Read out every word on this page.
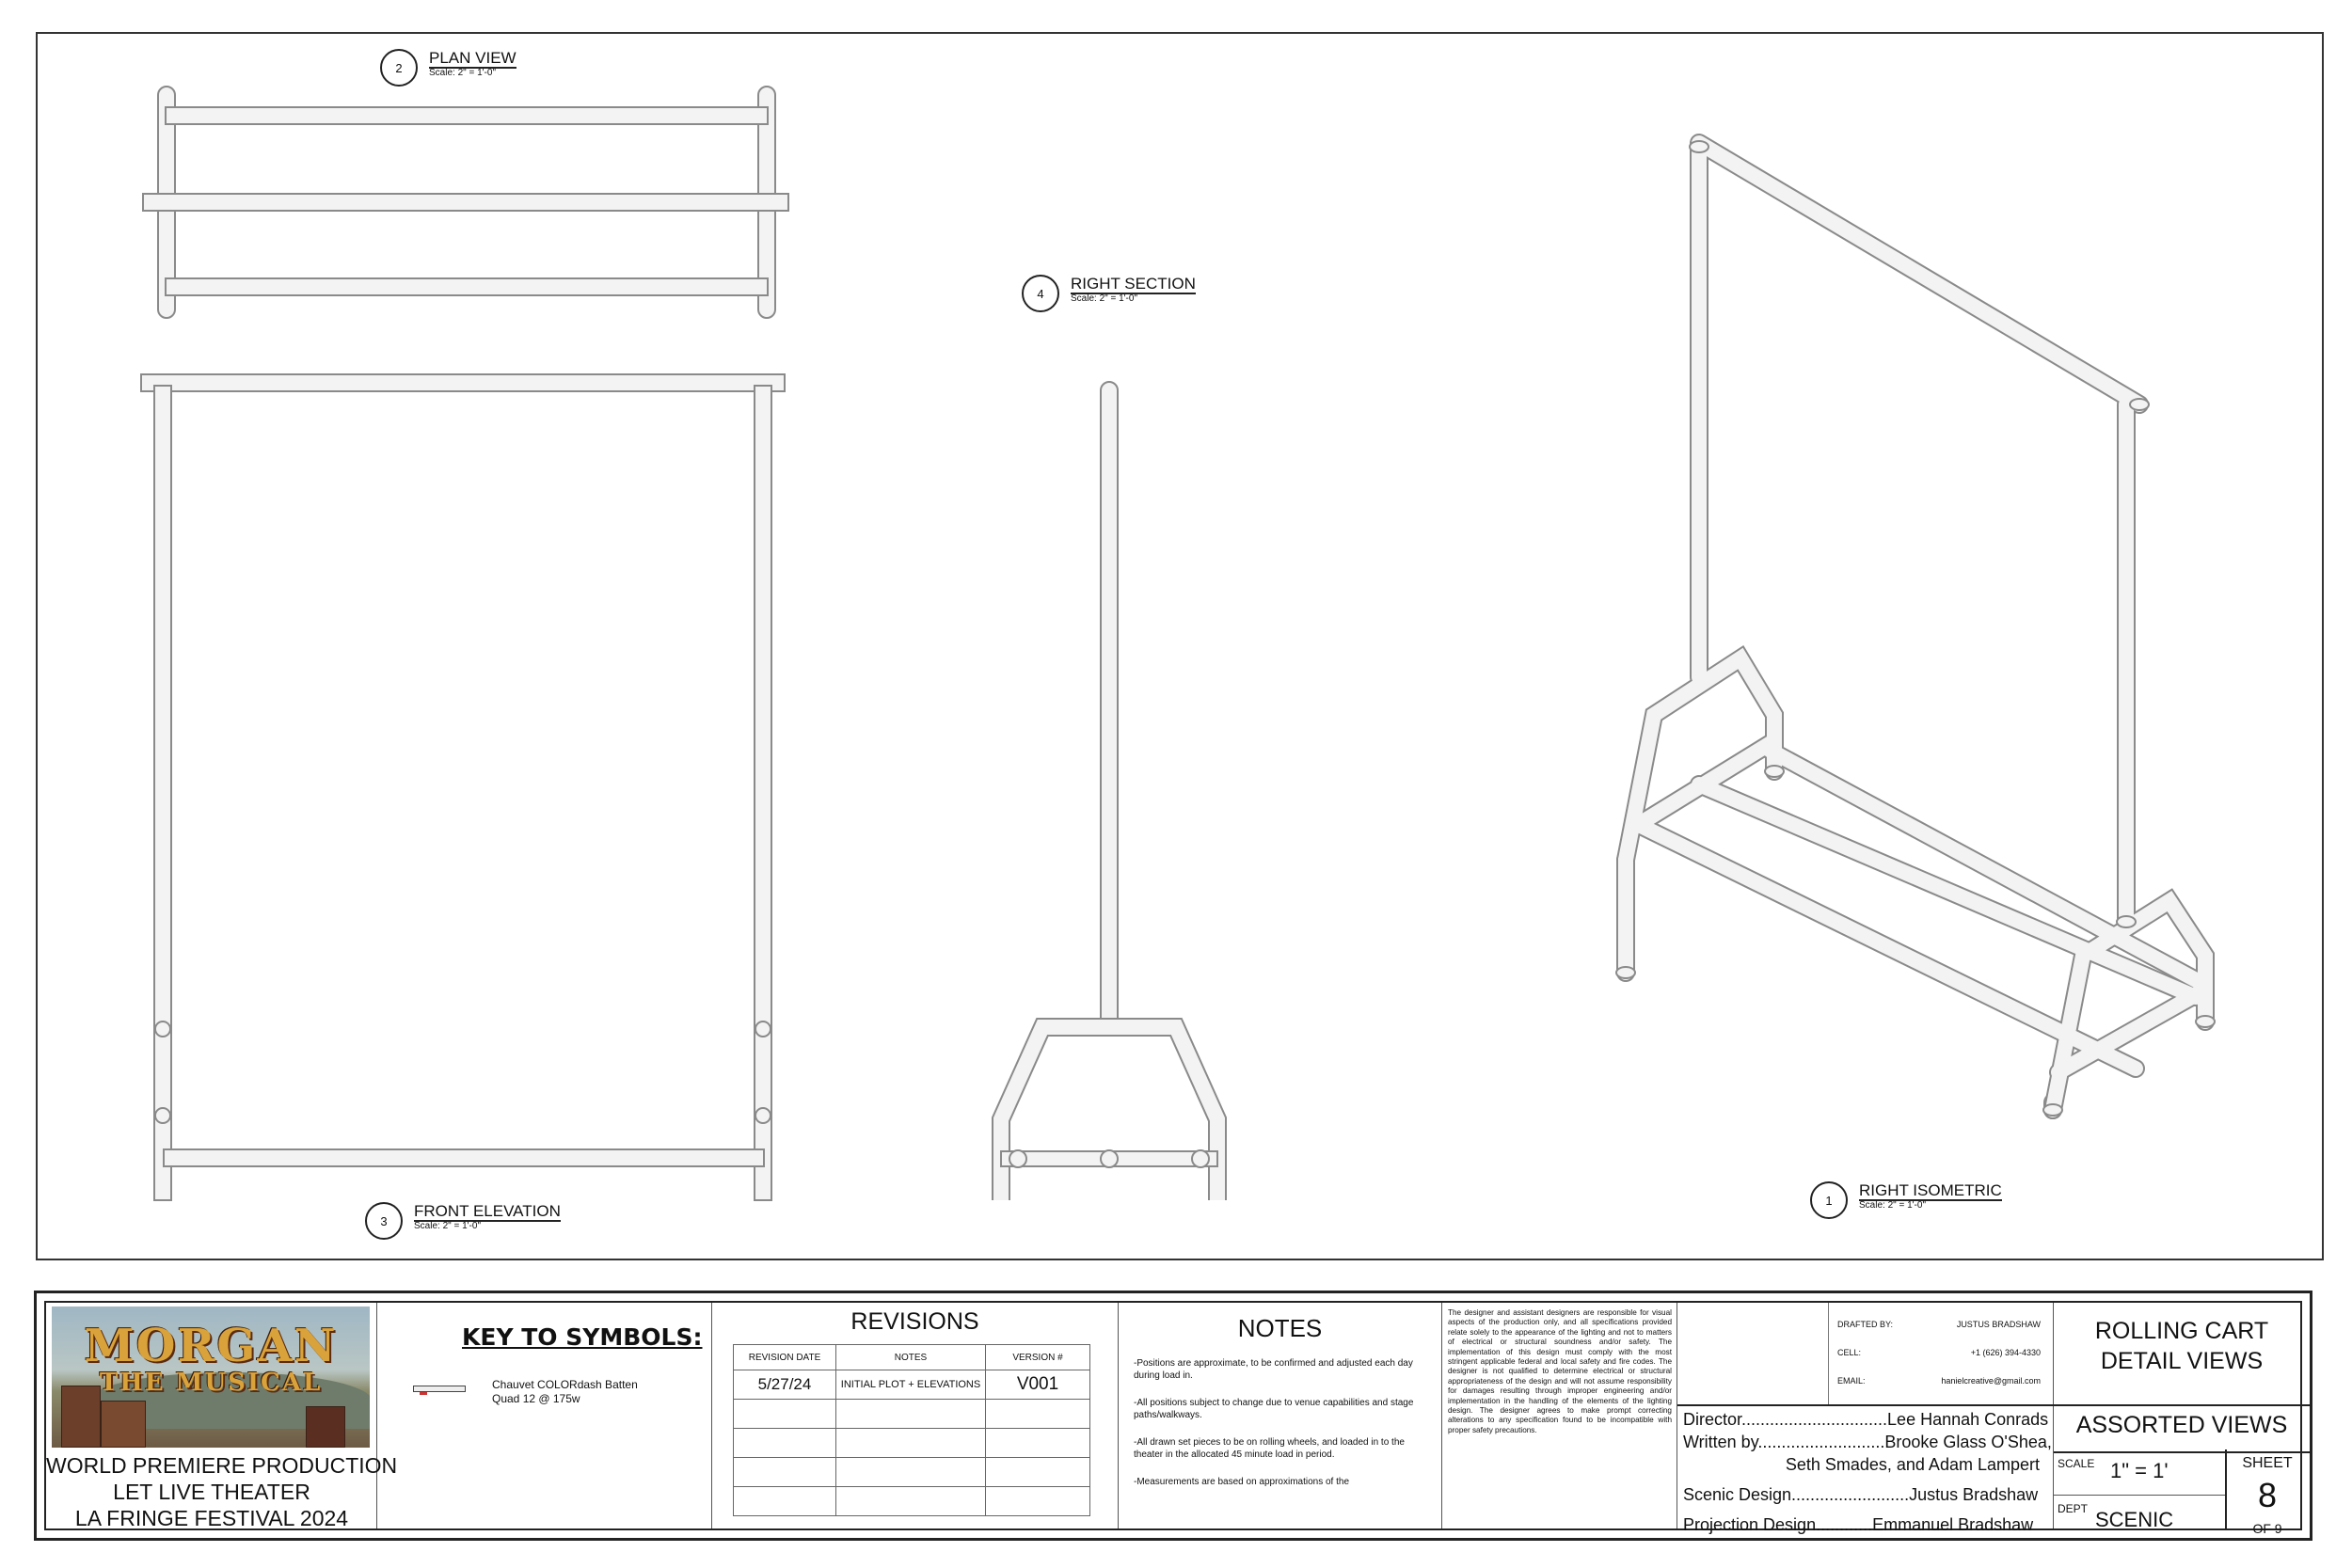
2
PLAN VIEW
Scale: 2" = 1'-0"
4
RIGHT SECTION
Scale: 2" = 1'-0"
3
FRONT ELEVATION
Scale: 2" = 1'-0"
1
RIGHT ISOMETRIC
Scale: 2" = 1'-0"
MORGAN
THE MUSICAL
WORLD PREMIERE PRODUCTION
LET LIVE THEATER
LA FRINGE FESTIVAL 2024
KEY TO SYMBOLS:
Chauvet COLORdash Batten
Quad 12 @ 175w
REVISIONS
REVISION DATE	NOTES	VERSION #
5/27/24	INITIAL PLOT + ELEVATIONS	V001

NOTES
-Positions are approximate, to be confirmed and adjusted each day during load in.
-All positions subject to change due to venue capabilities and stage paths/walkways.
-All drawn set pieces to be on rolling wheels, and loaded in to the theater in the allocated 45 minute load in period.
-Measurements are based on approximations of the
The designer and assistant designers are responsible for visual aspects of the production only, and all specifications provided relate solely to the appearance of the lighting and not to matters of electrical or structural soundness and/or safety. The implementation of this design must comply with the most stringent applicable federal and local safety and fire codes. The designer is not qualified to determine electrical or structural appropriateness of the design and will not assume responsibility for damages resulting through improper engineering and/or implementation in the handling of the elements of the lighting design. The designer agrees to make prompt correcting alterations to any specification found to be incompatible with proper safety precautions.
DRAFTED BY:	JUSTUS BRADSHAW
CELL:	+1 (626) 394-4330
EMAIL:	hanielcreative@gmail.com
Director...............................Lee Hannah Conrads
Written by...........................Brooke Glass O'Shea,
Seth Smades, and Adam Lampert
Scenic Design.........................Justus Bradshaw
Projection Design............Emmanuel Bradshaw
ROLLING CART
DETAIL VIEWS
ASSORTED VIEWS
SCALE 1" = 1'
DEPT SCENIC
SHEET
8
OF 9
